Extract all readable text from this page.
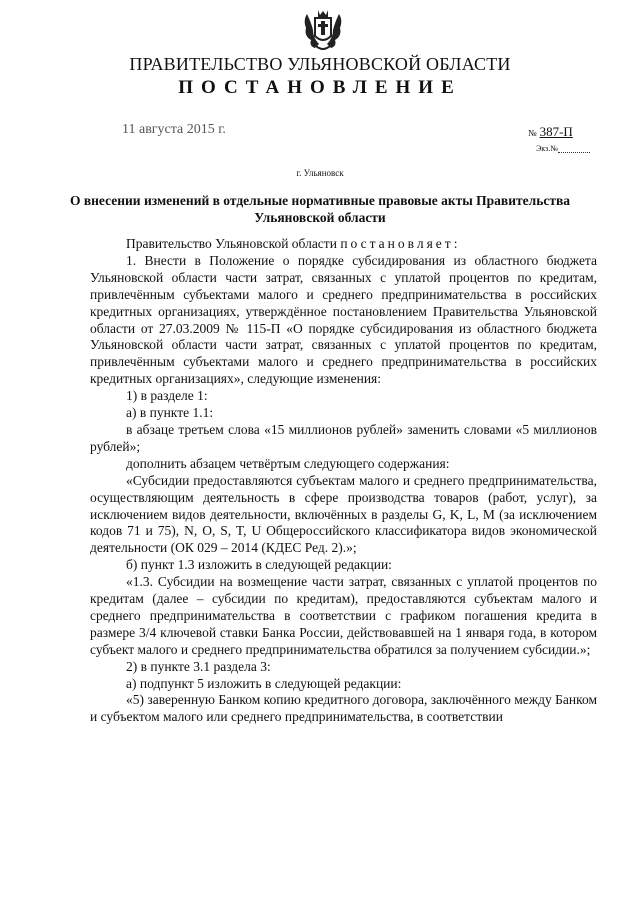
ПРАВИТЕЛЬСТВО УЛЬЯНОВСКОЙ ОБЛАСТИ
ПОСТАНОВЛЕНИЕ
11 августа 2015 г.	№ 387-П
Экз.№
г. Ульяновск
О внесении изменений в отдельные нормативные правовые акты Правительства Ульяновской области

Правительство Ульяновской области постановляет:

1. Внести в Положение о порядке субсидирования из областного бюджета Ульяновской области части затрат, связанных с уплатой процентов по кредитам, привлечённым субъектами малого и среднего предпринимательства в российских кредитных организациях, утверждённое постановлением Правительства Ульяновской области от 27.03.2009 № 115-П «О порядке субсидирования из областного бюджета Ульяновской области части затрат, связанных с уплатой процентов по кредитам, привлечённым субъектами малого и среднего предпринимательства в российских кредитных организациях», следующие изменения:

1) в разделе 1:

а) в пункте 1.1:

в абзаце третьем слова «15 миллионов рублей» заменить словами «5 миллионов рублей»;

дополнить абзацем четвёртым следующего содержания:

«Субсидии предоставляются субъектам малого и среднего предпринимательства, осуществляющим деятельность в сфере производства товаров (работ, услуг), за исключением видов деятельности, включённых в разделы G, K, L, M (за исключением кодов 71 и 75), N, O, S, T, U Общероссийского классификатора видов экономической деятельности (ОК 029 – 2014 (КДЕС Ред. 2).»;

б) пункт 1.3 изложить в следующей редакции:

«1.3. Субсидии на возмещение части затрат, связанных с уплатой процентов по кредитам (далее – субсидии по кредитам), предоставляются субъектам малого и среднего предпринимательства в соответствии с графиком погашения кредита в размере 3/4 ключевой ставки Банка России, действовавшей на 1 января года, в котором субъект малого и среднего предпринимательства обратился за получением субсидии.»;

2) в пункте 3.1 раздела 3:

а) подпункт 5 изложить в следующей редакции:

«5) заверенную Банком копию кредитного договора, заключённого между Банком и субъектом малого или среднего предпринимательства, в соответствии
